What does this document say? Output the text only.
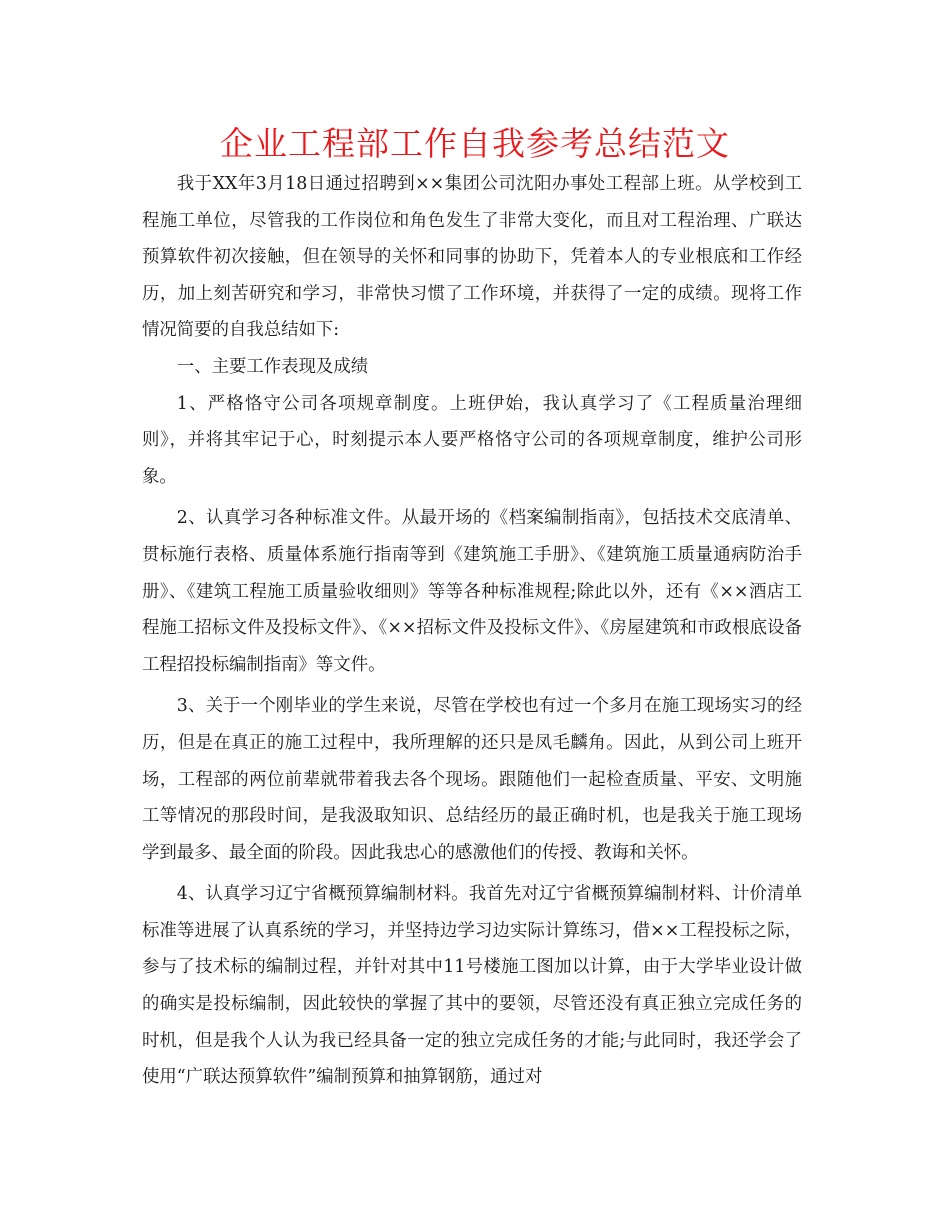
企业工程部工作自我参考总结范文

我于XX年3月18日通过招聘到××集团公司沈阳办事处工程部上班。从学校到工程施工单位，尽管我的工作岗位和角色发生了非常大变化，而且对工程治理、广联达预算软件初次接触，但在领导的关怀和同事的协助下，凭着本人的专业根底和工作经历，加上刻苦研究和学习，非常快习惯了工作环境，并获得了一定的成绩。现将工作情况简要的自我总结如下:

一、主要工作表现及成绩

1、严格恪守公司各项规章制度。上班伊始，我认真学习了《工程质量治理细则》，并将其牢记于心，时刻提示本人要严格恪守公司的各项规章制度，维护公司形象。

2、认真学习各种标准文件。从最开场的《档案编制指南》，包括技术交底清单、贯标施行表格、质量体系施行指南等到《建筑施工手册》、《建筑施工质量通病防治手册》、《建筑工程施工质量验收细则》等等各种标准规程;除此以外，还有《××酒店工程施工招标文件及投标文件》、《××招标文件及投标文件》、《房屋建筑和市政根底设备工程招投标编制指南》等文件。

3、关于一个刚毕业的学生来说，尽管在学校也有过一个多月在施工现场实习的经历，但是在真正的施工过程中，我所理解的还只是凤毛麟角。因此，从到公司上班开场，工程部的两位前辈就带着我去各个现场。跟随他们一起检查质量、平安、文明施工等情况的那段时间，是我汲取知识、总结经历的最正确时机，也是我关于施工现场学到最多、最全面的阶段。因此我忠心的感激他们的传授、教诲和关怀。

4、认真学习辽宁省概预算编制材料。我首先对辽宁省概预算编制材料、计价清单标准等进展了认真系统的学习，并坚持边学习边实际计算练习，借××工程投标之际，参与了技术标的编制过程，并针对其中11号楼施工图加以计算，由于大学毕业设计做的确实是投标编制，因此较快的掌握了其中的要领，尽管还没有真正独立完成任务的时机，但是我个人认为我已经具备一定的独立完成任务的才能;与此同时，我还学会了使用“广联达预算软件”编制预算和抽算钢筋，通过对
